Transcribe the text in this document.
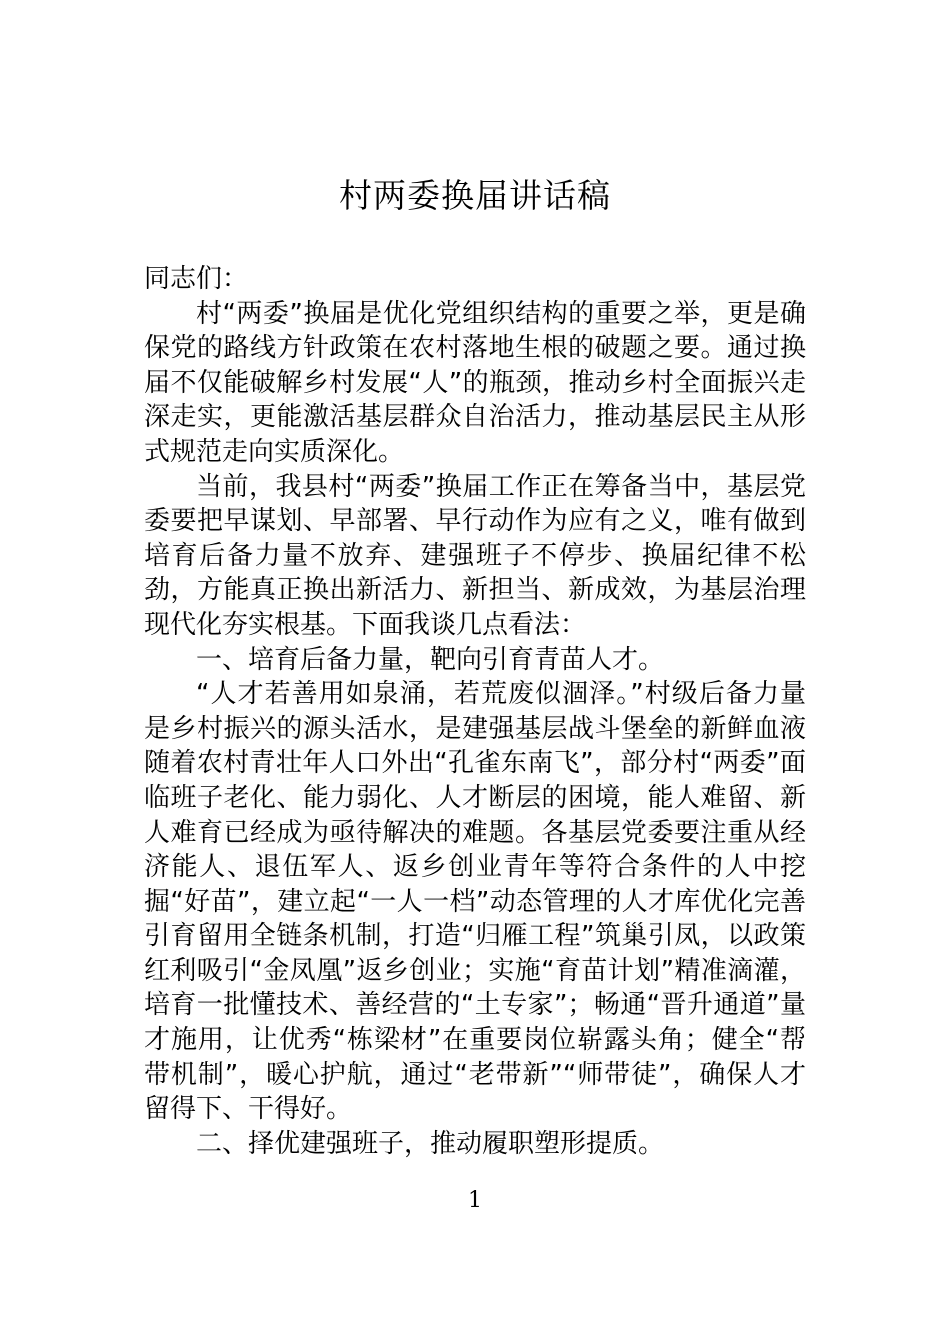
村两委换届讲话稿

同志们：

村“两委”换届是优化党组织结构的重要之举，更是确保党的路线方针政策在农村落地生根的破题之要。通过换届不仅能破解乡村发展“人”的瓶颈，推动乡村全面振兴走深走实，更能激活基层群众自治活力，推动基层民主从形式规范走向实质深化。

当前，我县村“两委”换届工作正在筹备当中，基层党委要把早谋划、早部署、早行动作为应有之义，唯有做到培育后备力量不放弃、建强班子不停步、换届纪律不松劲，方能真正换出新活力、新担当、新成效，为基层治理现代化夯实根基。下面我谈几点看法：

一、培育后备力量，靶向引育青苗人才。

“人才若善用如泉涌，若荒废似涸泽。”村级后备力量是乡村振兴的源头活水，是建强基层战斗堡垒的新鲜血液随着农村青壮年人口外出“孔雀东南飞”，部分村“两委”面临班子老化、能力弱化、人才断层的困境，能人难留、新人难育已经成为亟待解决的难题。各基层党委要注重从经济能人、退伍军人、返乡创业青年等符合条件的人中挖掘“好苗”，建立起“一人一档”动态管理的人才库优化完善引育留用全链条机制，打造“归雁工程”筑巢引凤，以政策红利吸引“金凤凰”返乡创业；实施“育苗计划”精准滴灌，培育一批懂技术、善经营的“土专家”；畅通“晋升通道”量才施用，让优秀“栋梁材”在重要岗位崭露头角；健全“帮带机制”，暖心护航，通过“老带新”“师带徒”，确保人才留得下、干得好。

二、择优建强班子，推动履职塑形提质。

1
